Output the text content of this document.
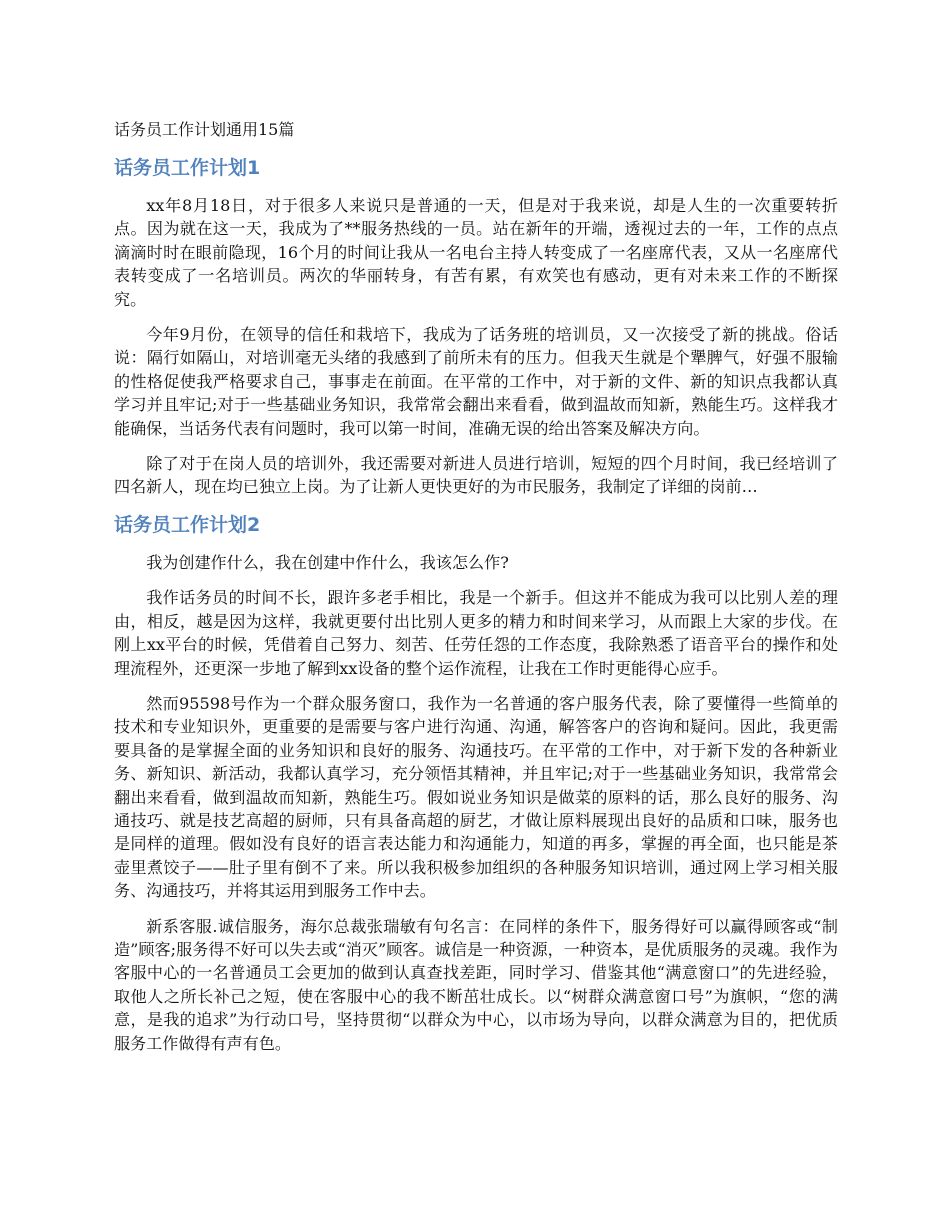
话务员工作计划通用15篇
话务员工作计划1

xx年8月18日，对于很多人来说只是普通的一天，但是对于我来说，却是人生的一次重要转折点。因为就在这一天，我成为了**服务热线的一员。站在新年的开端，透视过去的一年，工作的点点滴滴时时在眼前隐现，16个月的时间让我从一名电台主持人转变成了一名座席代表，又从一名座席代表转变成了一名培训员。两次的华丽转身，有苦有累，有欢笑也有感动，更有对未来工作的不断探究。

今年9月份，在领导的信任和栽培下，我成为了话务班的培训员，又一次接受了新的挑战。俗话说：隔行如隔山，对培训毫无头绪的我感到了前所未有的压力。但我天生就是个犟脾气，好强不服输的性格促使我严格要求自己，事事走在前面。在平常的工作中，对于新的文件、新的知识点我都认真学习并且牢记;对于一些基础业务知识，我常常会翻出来看看，做到温故而知新，熟能生巧。这样我才能确保，当话务代表有问题时，我可以第一时间，准确无误的给出答案及解决方向。

除了对于在岗人员的培训外，我还需要对新进人员进行培训，短短的四个月时间，我已经培训了四名新人，现在均已独立上岗。为了让新人更快更好的为市民服务，我制定了详细的岗前…

话务员工作计划2

我为创建作什么，我在创建中作什么，我该怎么作?

我作话务员的时间不长，跟许多老手相比，我是一个新手。但这并不能成为我可以比别人差的理由，相反，越是因为这样，我就更要付出比别人更多的精力和时间来学习，从而跟上大家的步伐。在刚上xx平台的时候，凭借着自己努力、刻苦、任劳任怨的工作态度，我除熟悉了语音平台的操作和处理流程外，还更深一步地了解到xx设备的整个运作流程，让我在工作时更能得心应手。

然而95598号作为一个群众服务窗口，我作为一名普通的客户服务代表，除了要懂得一些简单的技术和专业知识外，更重要的是需要与客户进行沟通、沟通，解答客户的咨询和疑问。因此，我更需要具备的是掌握全面的业务知识和良好的服务、沟通技巧。在平常的工作中，对于新下发的各种新业务、新知识、新活动，我都认真学习，充分领悟其精神，并且牢记;对于一些基础业务知识，我常常会翻出来看看，做到温故而知新，熟能生巧。假如说业务知识是做菜的原料的话，那么良好的服务、沟通技巧、就是技艺高超的厨师，只有具备高超的厨艺，才做让原料展现出良好的品质和口味，服务也是同样的道理。假如没有良好的语言表达能力和沟通能力，知道的再多，掌握的再全面，也只能是茶壶里煮饺子——肚子里有倒不了来。所以我积极参加组织的各种服务知识培训，通过网上学习相关服务、沟通技巧，并将其运用到服务工作中去。

新系客服.诚信服务，海尔总裁张瑞敏有句名言：在同样的条件下，服务得好可以赢得顾客或“制造”顾客;服务得不好可以失去或“消灭”顾客。诚信是一种资源，一种资本，是优质服务的灵魂。我作为客服中心的一名普通员工会更加的做到认真查找差距，同时学习、借鉴其他“满意窗口”的先进经验，取他人之所长补己之短，使在客服中心的我不断茁壮成长。以“树群众满意窗口号”为旗帜，“您的满意，是我的追求”为行动口号，坚持贯彻“以群众为中心，以市场为导向，以群众满意为目的，把优质服务工作做得有声有色。
